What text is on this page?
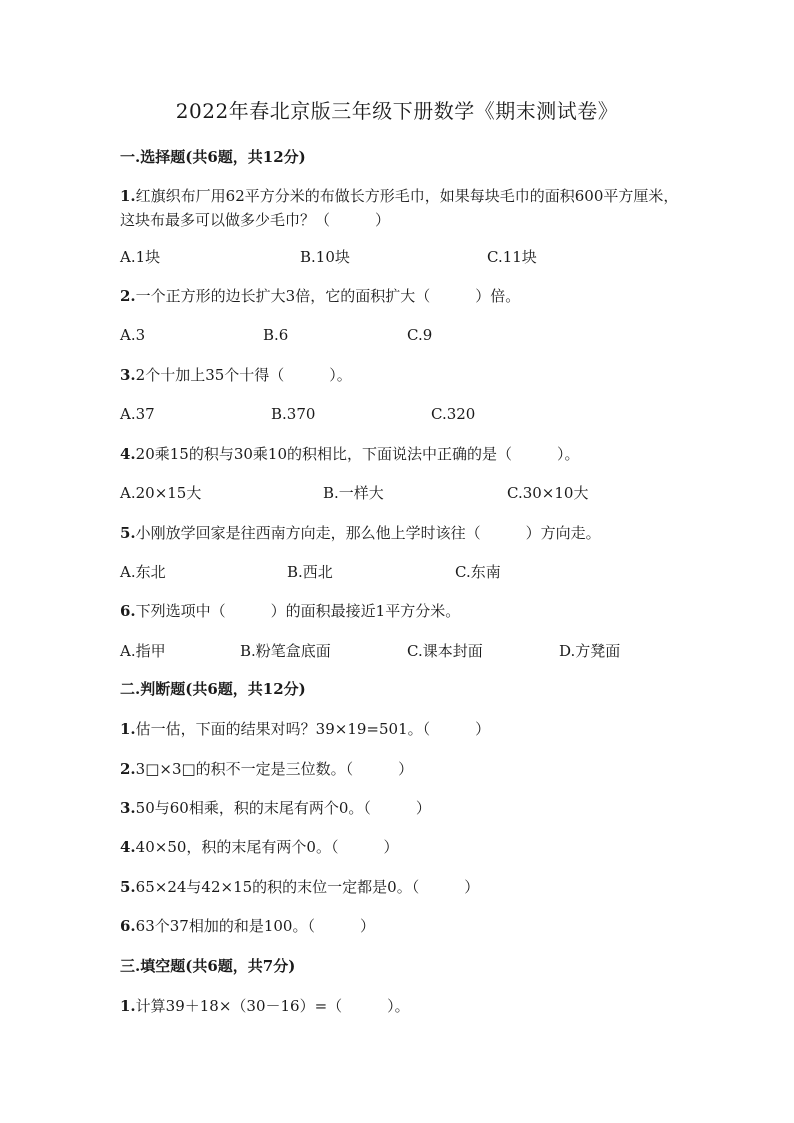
2022年春北京版三年级下册数学《期末测试卷》
一.选择题(共6题，共12分)

1.红旗织布厂用62平方分米的布做长方形毛巾，如果每块毛巾的面积600平方厘米，这块布最多可以做多少毛巾？（　　　）

A.1块	B.10块	C.11块

2.一个正方形的边长扩大3倍，它的面积扩大（　　　）倍。

A.3	B.6	C.9

3.2个十加上35个十得（　　　）。

A.37	B.370	C.320

4.20乘15的积与30乘10的积相比，下面说法中正确的是（　　　）。

A.20×15大	B.一样大	C.30×10大

5.小刚放学回家是往西南方向走，那么他上学时该往（　　　）方向走。

A.东北	B.西北	C.东南

6.下列选项中（　　　）的面积最接近1平方分米。

A.指甲	B.粉笔盒底面	C.课本封面	D.方凳面
二.判断题(共6题，共12分)

1.估一估，下面的结果对吗？39×19=501。（　　　）

2.3□×3□的积不一定是三位数。（　　　）

3.50与60相乘，积的末尾有两个0。（　　　）

4.40×50，积的末尾有两个0。（　　　）

5.65×24与42×15的积的末位一定都是0。（　　　）

6.63个37相加的和是100。（　　　）

三.填空题(共6题，共7分)

1.计算39＋18×（30－16）=（　　　）。
